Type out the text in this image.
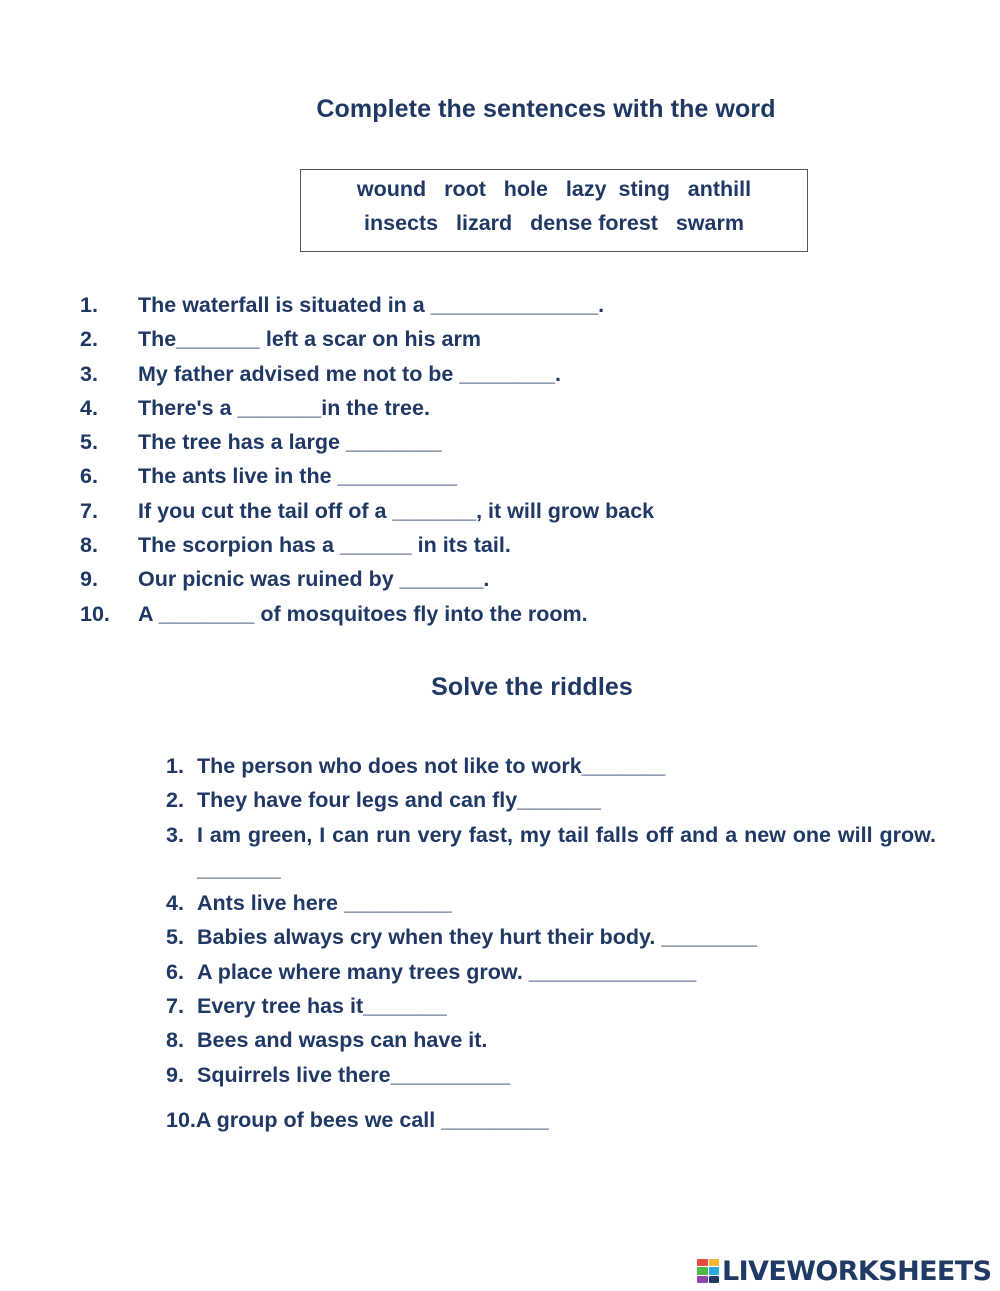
Complete the sentences with the word
wound   root   hole   lazy  sting   anthill
insects   lizard   dense forest   swarm
1. The waterfall is situated in a ______________.
2. The_______ left a scar on his arm
3. My father advised me not to be ________.
4. There's a _______in the tree.
5. The tree has a large ________
6. The ants live in the __________
7. If you cut the tail off of a _______, it will grow back
8. The scorpion has a ______ in its tail.
9. Our picnic was ruined by _______.
10. A ________ of mosquitoes fly into the room.
Solve the riddles
1. The person who does not like to work_______
2. They have four legs and can fly_______
3. I am green, I can run very fast, my tail falls off and a new one will grow. _______
4. Ants live here _________
5. Babies always cry when they hurt their body. ________
6. A place where many trees grow. ______________
7. Every tree has it_______
8. Bees and wasps can have it.
9. Squirrels live there__________
10.A group of bees we call _________
LIVEWORKSHEETS
